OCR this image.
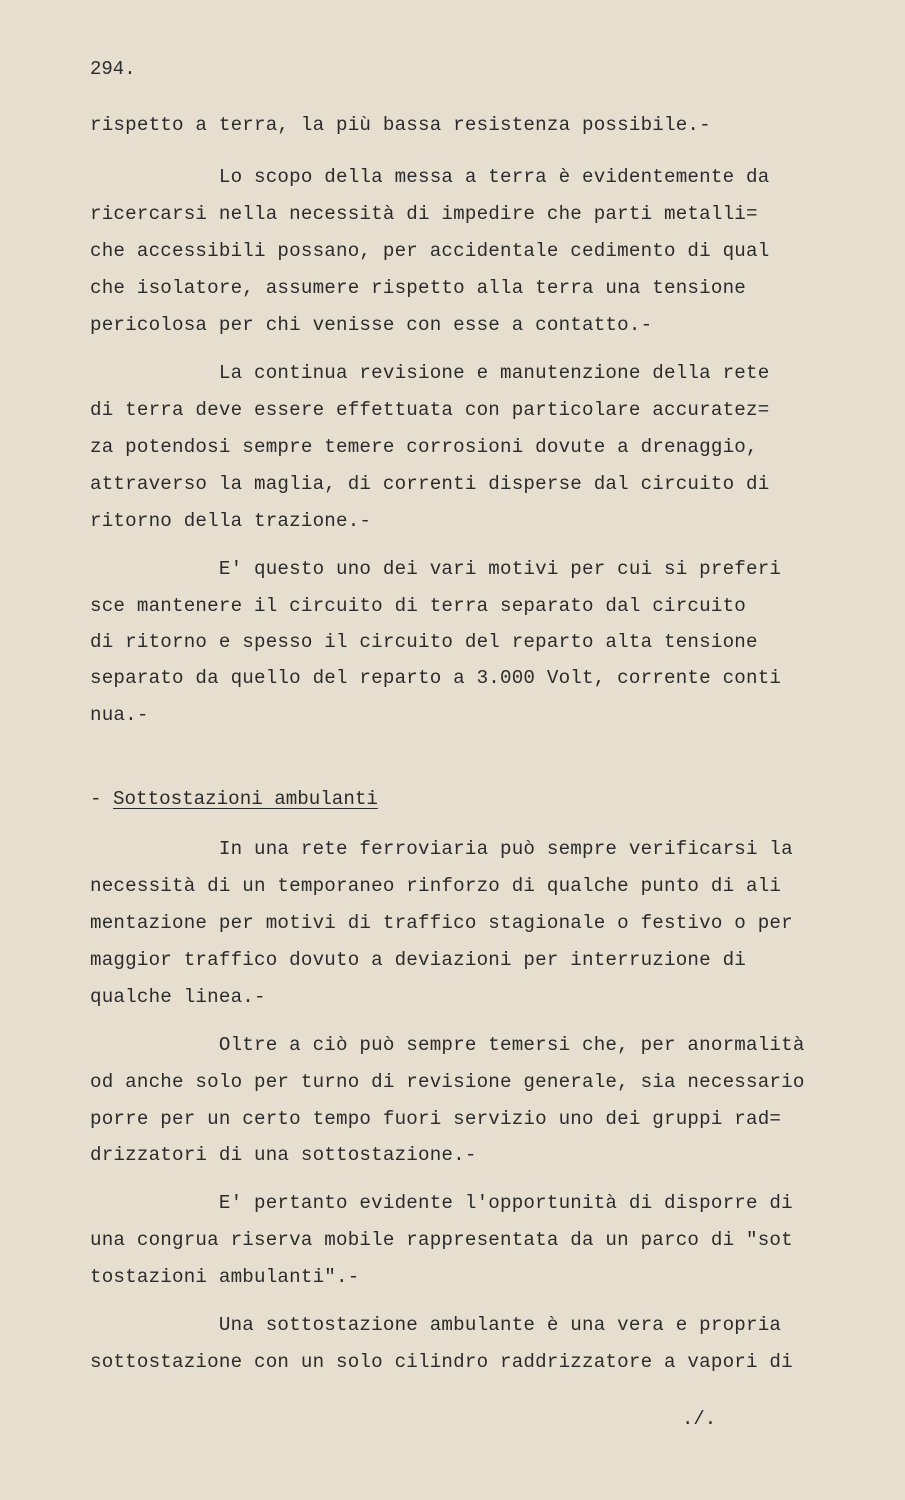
294.
rispetto a terra, la più bassa resistenza possibile.-
Lo scopo della messa a terra è evidentemente da
ricercarsi nella necessità di impedire che parti metalli=
che accessibili possano, per accidentale cedimento di qual
che isolatore, assumere rispetto alla terra una tensione
pericolosa per chi venisse con esse a contatto.-
La continua revisione e manutenzione della rete
di terra deve essere effettuata con particolare accuratez=
za potendosi sempre temere corrosioni dovute a drenaggio,
attraverso la maglia, di correnti disperse dal circuito di
ritorno della trazione.-
E' questo uno dei vari motivi per cui si preferi
sce mantenere il circuito di terra separato dal circuito
di ritorno e spesso il circuito del reparto alta tensione
separato da quello del reparto a 3.000 Volt, corrente conti
nua.-
- Sottostazioni ambulanti
In una rete ferroviaria può sempre verificarsi la
necessità di un temporaneo rinforzo di qualche punto di ali
mentazione per motivi di traffico stagionale o festivo o per
maggior traffico dovuto a deviazioni per interruzione di
qualche linea.-
Oltre a ciò può sempre temersi che, per anormalità
od anche solo per turno di revisione generale, sia necessario
porre per un certo tempo fuori servizio uno dei gruppi rad=
drizzatori di una sottostazione.-
E' pertanto evidente l'opportunità di disporre di
una congrua riserva mobile rappresentata da un parco di "sot
tostazioni ambulanti".-
Una sottostazione ambulante è una vera e propria
sottostazione con un solo cilindro raddrizzatore a vapori di
./.
